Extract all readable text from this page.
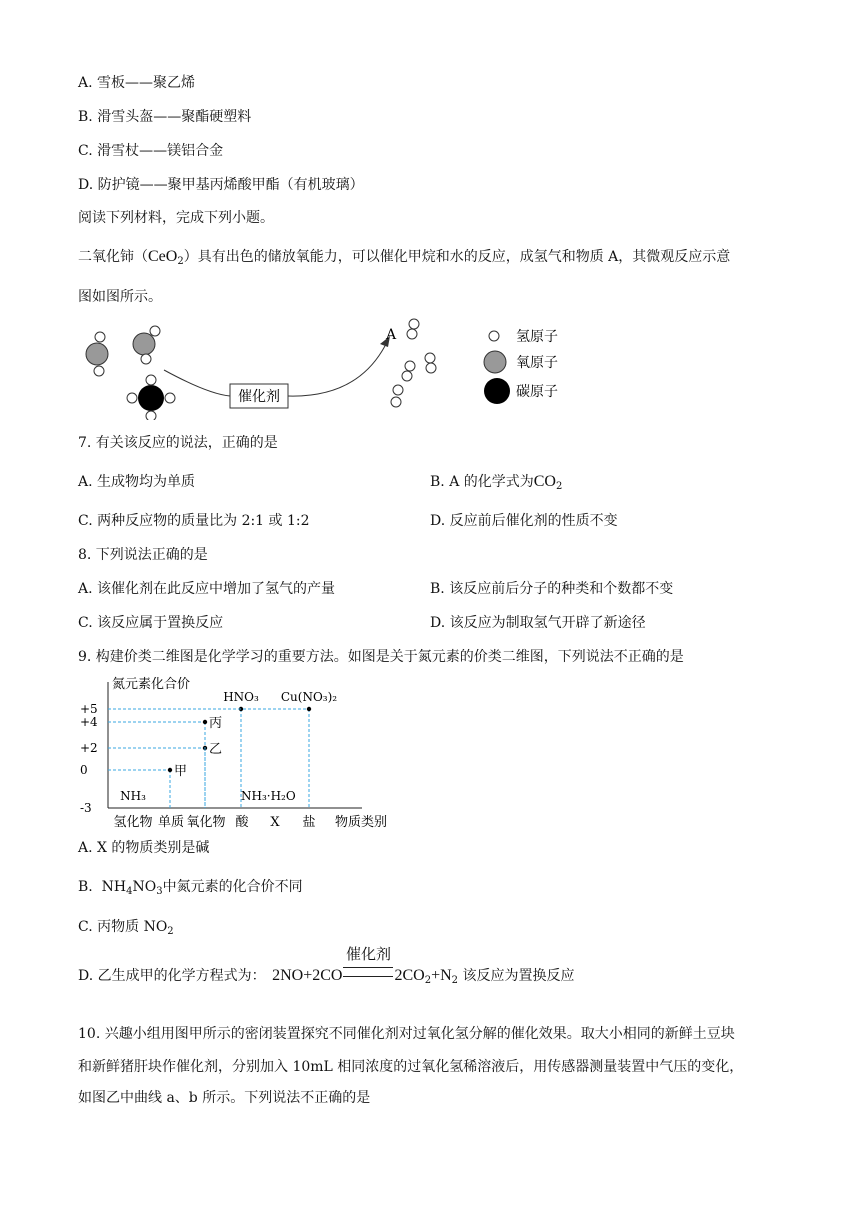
A. 雪板——聚乙烯
B. 滑雪头盔——聚酯硬塑料
C. 滑雪杖——镁铝合金
D. 防护镜——聚甲基丙烯酸甲酯（有机玻璃）
阅读下列材料，完成下列小题。
二氧化铈（CeO$_2$）具有出色的储放氧能力，可以催化甲烷和水的反应，成氢气和物质 A，其微观反应示意
图如图所示。
催化剂
A	氢原子
氧原子
碳原子
7. 有关该反应的说法，正确的是
A. 生成物均为单质	B. A 的化学式为$CO_2$
C. 两种反应物的质量比为 2:1 或 1:2	D. 反应前后催化剂的性质不变
8. 下列说法正确的是
A. 该催化剂在此反应中增加了氢气的产量	B. 该反应前后分子的种类和个数都不变
C. 该反应属于置换反应	D. 该反应为制取氢气开辟了新途径
9. 构建价类二维图是化学学习的重要方法。如图是关于氮元素的价类二维图，下列说法不正确的是
氮元素化合价
+5
+4
+2
0
-3
氢化物 单质 氧化物 酸 X 盐 物质类别
甲
乙
丙
HNO₃ Cu(NO₃)₂
NH₃	NH₃·H₂O
A. X 的物质类别是碱
B. $NH_4NO_3$中氮元素的化合价不同
C. 丙物质 $NO_2$
D. 乙生成甲的化学方程式为： 2NO+2CO
催化剂
$2CO_2+N_2$ 该反应为置换反应
10. 兴趣小组用图甲所示的密闭装置探究不同催化剂对过氧化氢分解的催化效果。取大小相同的新鲜土豆块
和新鲜猪肝块作催化剂，分别加入 10mL 相同浓度的过氧化氢稀溶液后，用传感器测量装置中气压的变化，
如图乙中曲线 a、b 所示。下列说法不正确的是
